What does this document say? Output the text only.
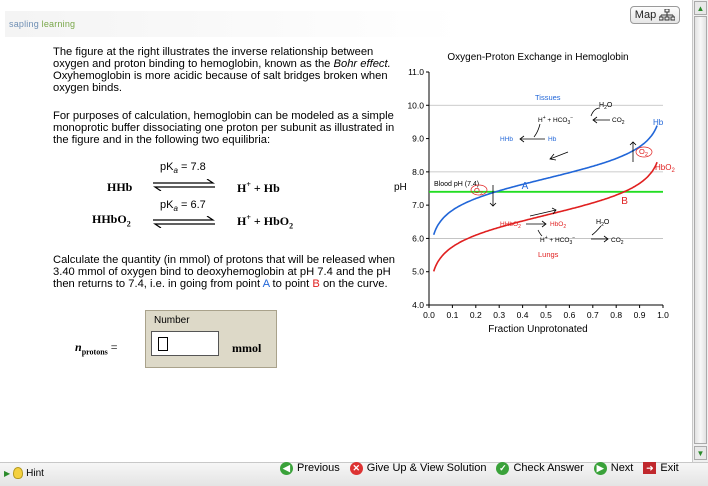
sapling learning
Map
The figure at the right illustrates the inverse relationship between oxygen and proton binding to hemoglobin, known as the Bohr effect. Oxyhemoglobin is more acidic because of salt bridges broken when oxygen binds.
For purposes of calculation, hemoglobin can be modeled as a simple monoprotic buffer dissociating one proton per subunit as illustrated in the figure and in the following two equilibria:
HHb
$pK_a = 7.8$
H+ + Hb
HHbO$_2$
$pK_a = 6.7$
H+ + HbO$_2$
Calculate the quantity (in mmol) of protons that will be released when 3.40 mmol of oxygen bind to deoxyhemoglobin at pH 7.4 and the pH then returns to 7.4, i.e. in going from point A to point B on the curve.
$n_{protons}$ =
Number
mmol
Oxygen-Proton Exchange in Hemoglobin
4.0
5.0
6.0
7.0
8.0
9.0
10.0
11.0
0.0 0.1 0.2 0.3 0.4 0.5 0.6 0.7 0.8 0.9 1.0
Blood pH (7.4)	A
B
Fraction Unprotonated
pH
Tissues
$H_2O$
$H^+ + HCO_3^-$	$CO_2$
HHb	Hb
Hb
HbO$_2$
$O_2$
$O_2$
HHbO$_2$	HbO$_2$
$H_2O$
$H^+ + HCO_3^-$	$CO_2$
Lungs
▲
▼
▶ Hint	◀ Previous	✕ Give Up & View Solution	✓ Check Answer	▶ Next	➜ Exit
